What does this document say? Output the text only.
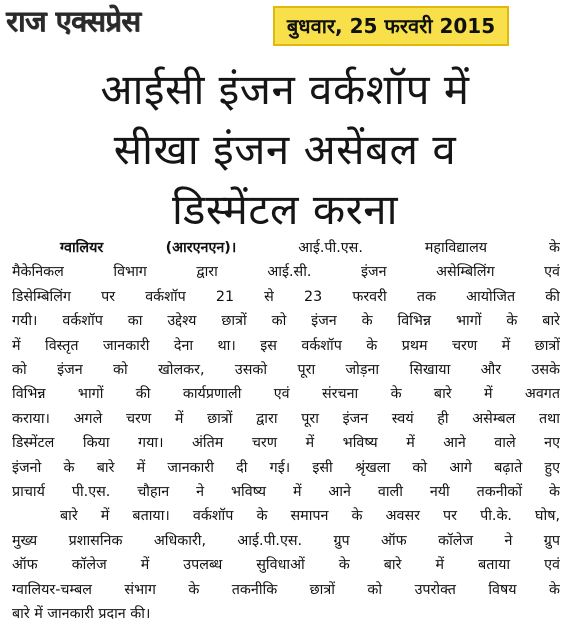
राज एक्सप्रेस	बुधवार, 25 फरवरी 2015
आईसी इंजन वर्कशॉप में
सीखा इंजन असेंबल व
डिस्मेंटल करना
ग्वालियर (आरएनएन)।	आई.पी.एस. महाविद्यालय के
मैकेनिकल विभाग द्वारा आई.सी. इंजन असेम्बिलिंग एवं
डिसेम्बिलिंग पर वर्कशॉप 21 से 23 फरवरी तक आयोजित की
गयी। वर्कशॉप का उद्देश्य छात्रों को इंजन के विभिन्न भागों के बारे
में विस्तृत जानकारी देना था। इस वर्कशॉप के प्रथम चरण में छात्रों
को इंजन को खोलकर, उसको पूरा जोड़ना सिखाया और उसके
विभिन्न भागों की कार्यप्रणाली एवं संरचना के बारे में अवगत
कराया। अगले चरण में छात्रों द्वारा पूरा इंजन स्वयं ही असेम्बल तथा
डिस्मेंटल किया गया। अंतिम चरण में भविष्य में आने वाले नए
इंजनो के बारे में जानकारी दी गई। इसी श्रृंखला को आगे बढ़ाते हुए
प्राचार्य पी.एस. चौहान ने भविष्य में आने वाली नयी तकनीकों के
बारे में बताया। वर्कशॉप के समापन के अवसर पर पी.के. घोष,
मुख्य प्रशासनिक अधिकारी, आई.पी.एस. ग्रुप ऑफ कॉलेज ने ग्रुप
ऑफ कॉलेज में उपलब्ध सुविधाओं के बारे में बताया एवं
ग्वालियर-चम्बल संभाग के तकनीकि छात्रों को उपरोक्त विषय के
बारे में जानकारी प्रदान की।
